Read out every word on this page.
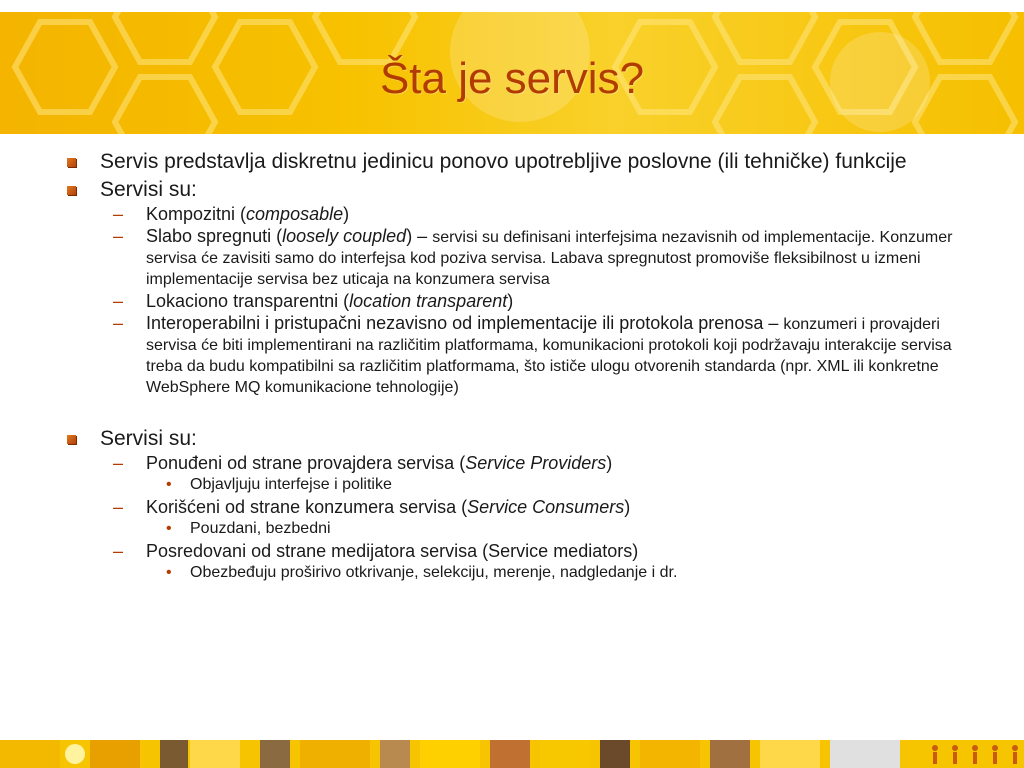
Šta je servis?
Servis predstavlja diskretnu jedinicu ponovo upotrebljive poslovne (ili tehničke) funkcije
Servisi su:
– Kompozitni (composable)
– Slabo spregnuti (loosely coupled) – servisi su definisani interfejsima nezavisnih od implementacije. Konzumer servisa će zavisiti samo do interfejsa kod poziva servisa. Labava spregnutost promoviše fleksibilnost u izmeni implementacije servisa bez uticaja na konzumera servisa
– Lokaciono transparentni (location transparent)
– Interoperabilni i pristupačni nezavisno od implementacije ili protokola prenosa – konzumeri i provajderi servisa će biti implementirani na različitim platformama, komunikacioni protokoli koji podržavaju interakcije servisa treba da budu kompatibilni sa različitim platformama, što ističe ulogu otvorenih standarda (npr. XML ili konkretne WebSphere MQ komunikacione tehnologije)
Servisi su:
– Ponuđeni od strane provajdera servisa (Service Providers)
• Objavljuju interfejse i politike
– Korišćeni od strane konzumera servisa (Service Consumers)
• Pouzdani, bezbedni
– Posredovani od strane medijatora servisa (Service mediators)
• Obezbeđuju proširivo otkrivanje, selekciju, merenje, nadgledanje i dr.
